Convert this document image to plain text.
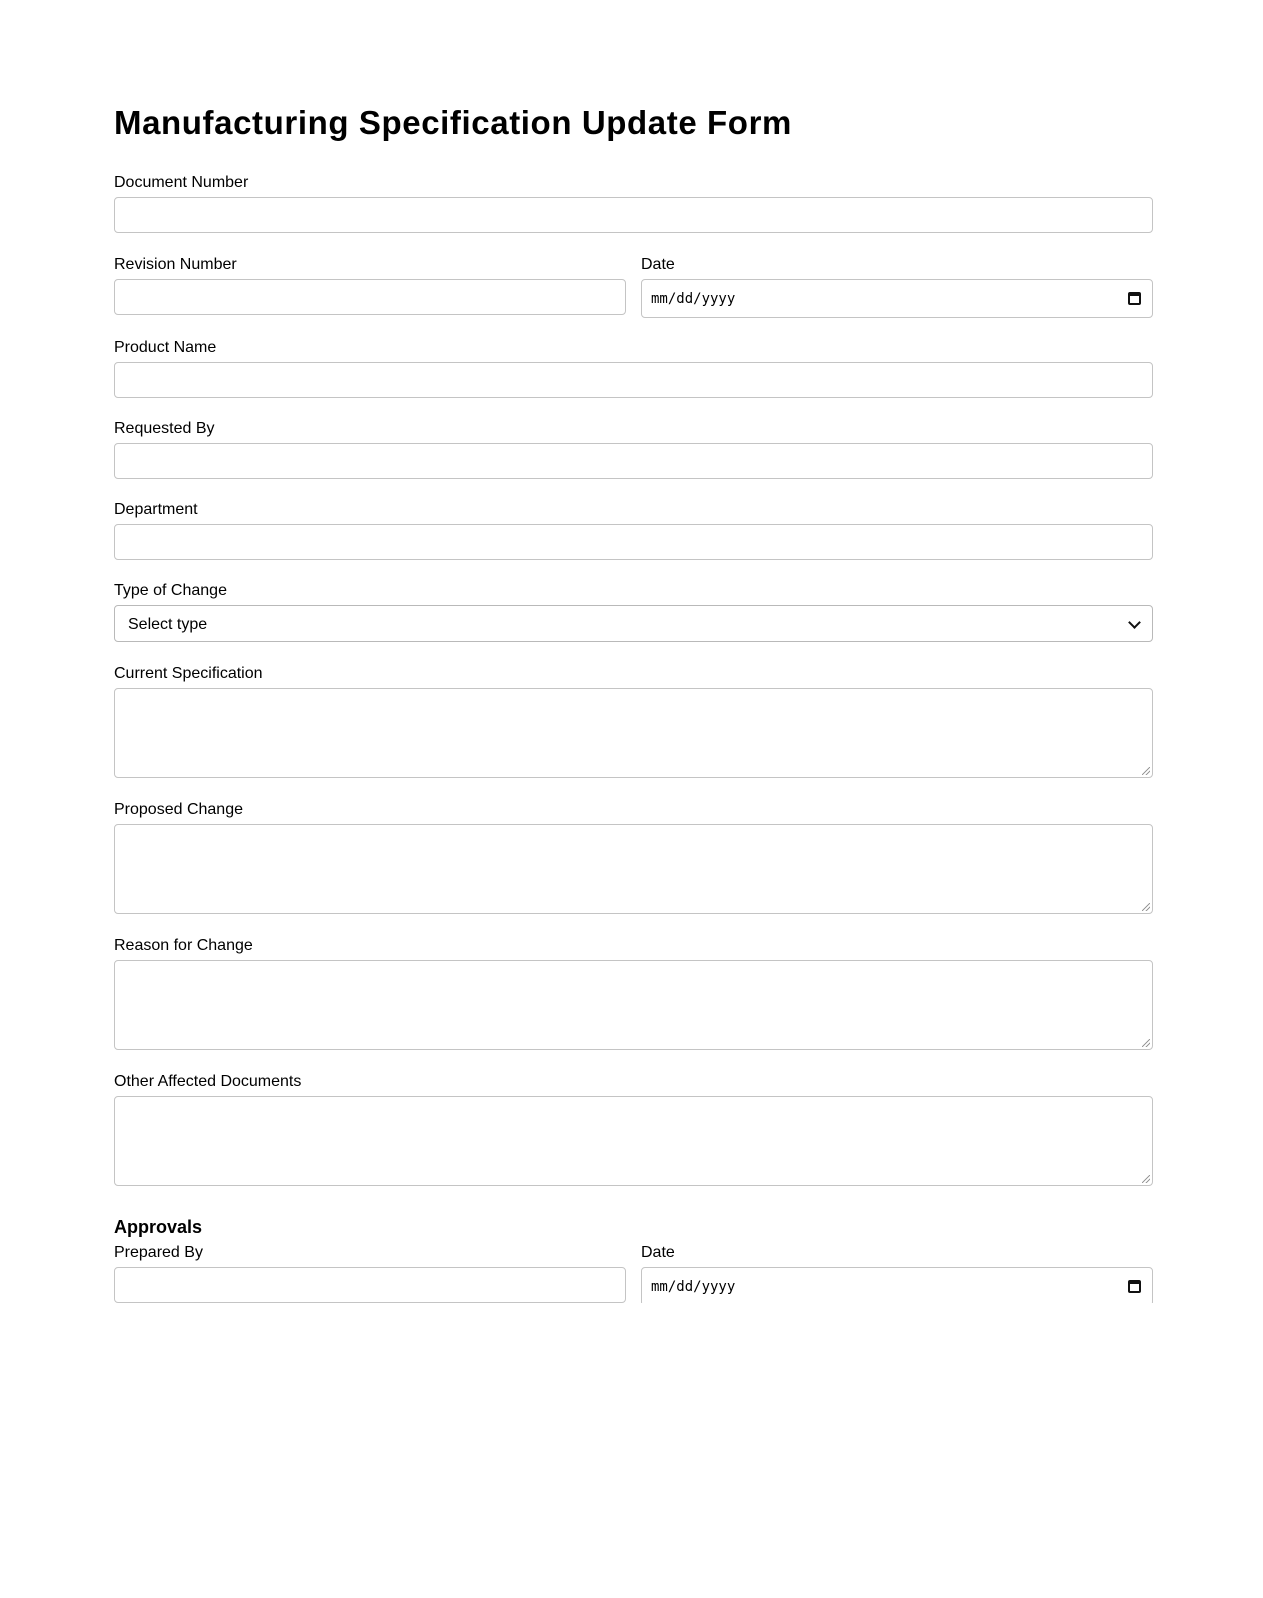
Manufacturing Specification Update Form
Document Number
Revision Number	Date
mm/dd/yyyy
Product Name
Requested By
Department
Type of Change
Select type
Current Specification
Proposed Change
Reason for Change
Other Affected Documents
Approvals
Prepared By	Date
mm/dd/yyyy
